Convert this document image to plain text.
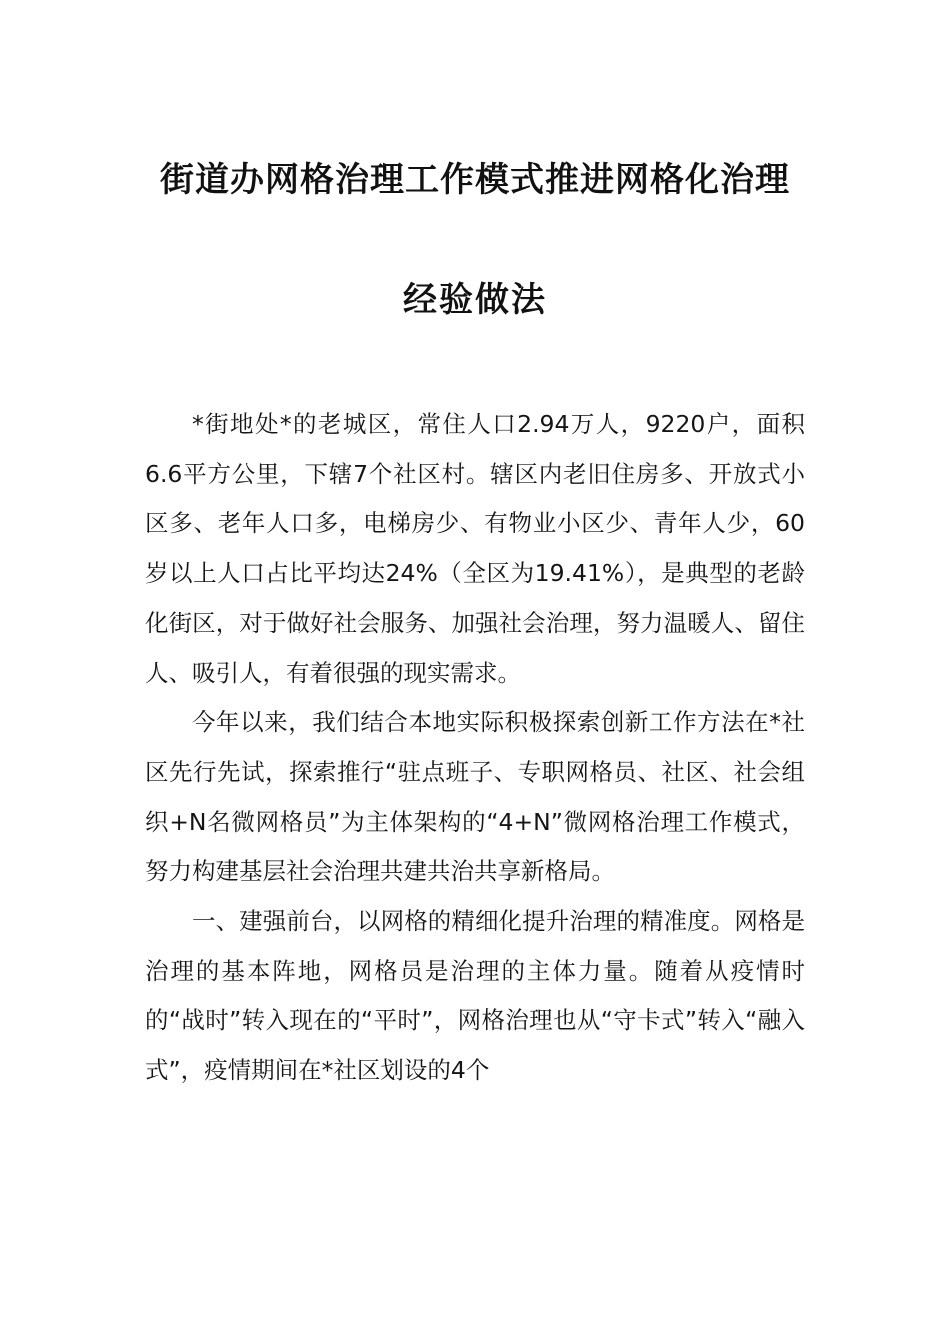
街道办网格治理工作模式推进网格化治理
经验做法

*街地处*的老城区，常住人口2.94万人，9220户，面积6.6平方公里，下辖7个社区村。辖区内老旧住房多、开放式小区多、老年人口多，电梯房少、有物业小区少、青年人少，60岁以上人口占比平均达24%（全区为19.41%），是典型的老龄化街区，对于做好社会服务、加强社会治理，努力温暖人、留住人、吸引人，有着很强的现实需求。

今年以来，我们结合本地实际积极探索创新工作方法在*社区先行先试，探索推行“驻点班子、专职网格员、社区、社会组织+N名微网格员”为主体架构的“4+N”微网格治理工作模式，努力构建基层社会治理共建共治共享新格局。

一、建强前台，以网格的精细化提升治理的精准度。网格是治理的基本阵地，网格员是治理的主体力量。随着从疫情时的“战时”转入现在的“平时”，网格治理也从“守卡式”转入“融入式”，疫情期间在*社区划设的4个
